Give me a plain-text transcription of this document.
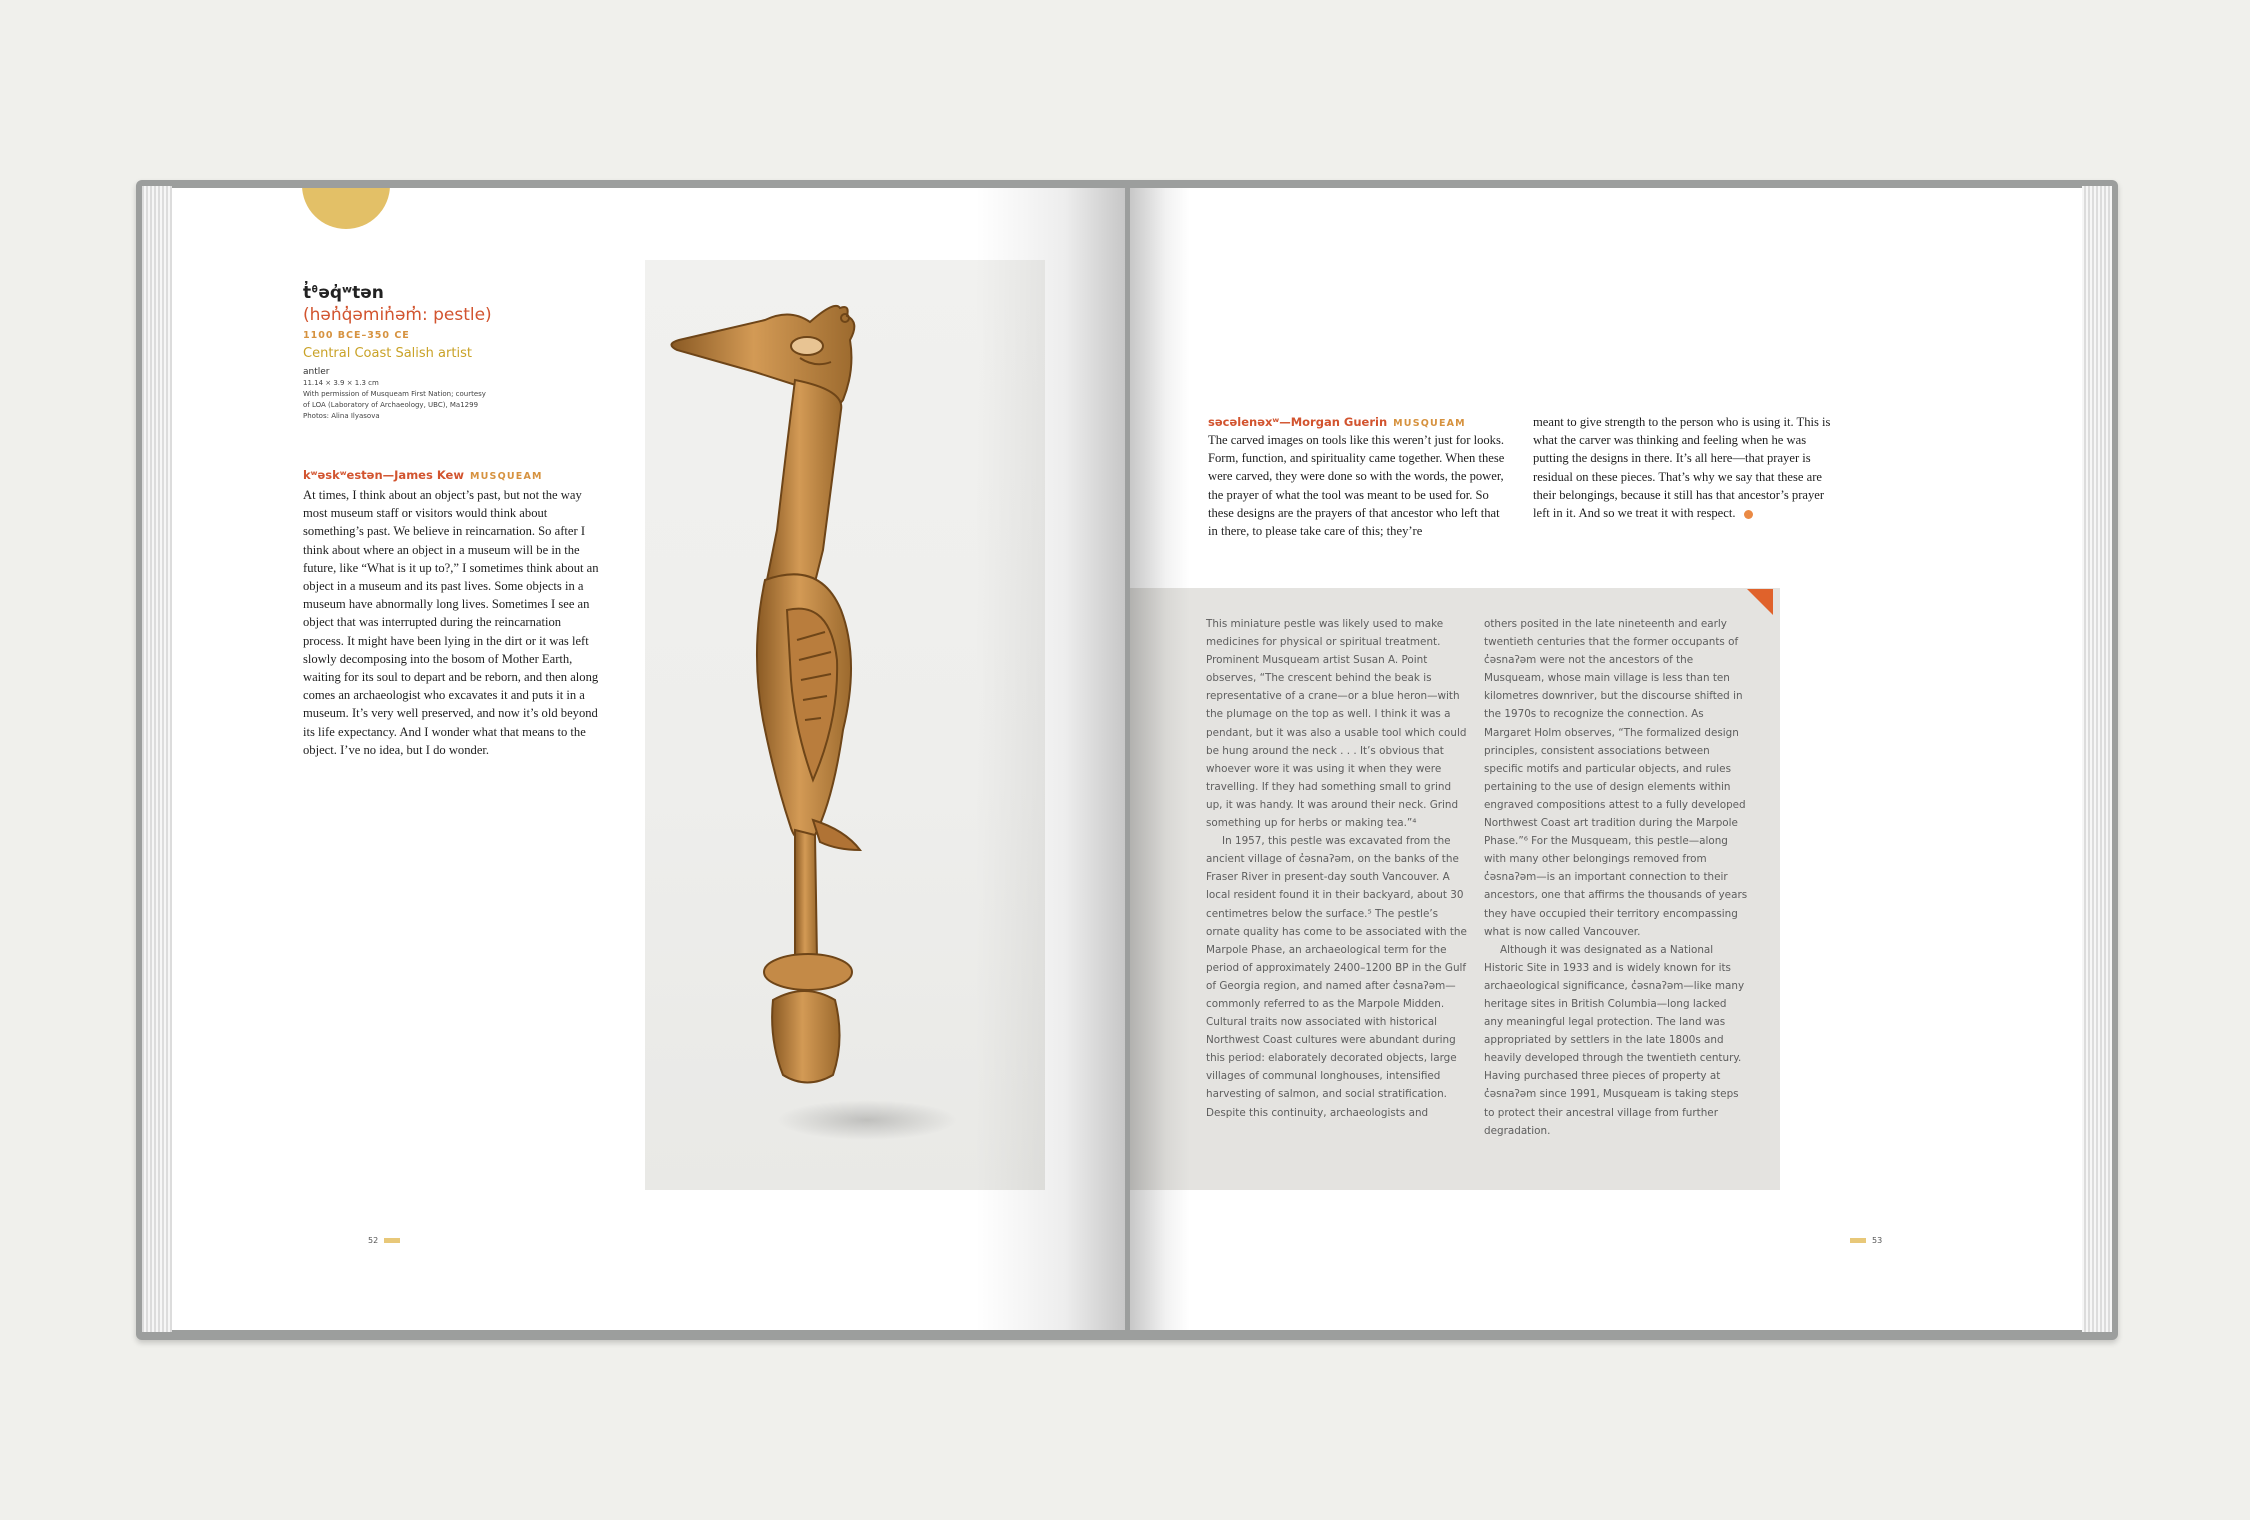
t̓ᶿəq̓ʷtən
(hən̓q̓əmin̓əm̓: pestle)
1100 BCE–350 CE
Central Coast Salish artist
antler
11.14 × 3.9 × 1.3 cm
With permission of Musqueam First Nation; courtesy
of LOA (Laboratory of Archaeology, UBC), Ma1299
Photos: Alina Ilyasova
kʷəskʷestən—James Kew MUSQUEAM

At times, I think about an object’s past, but not the way most museum staff or visitors would think about something’s past. We believe in reincarnation. So after I think about where an object in a museum will be in the future, like “What is it up to?,” I sometimes think about an object in a museum and its past lives. Some objects in a museum have abnormally long lives. Sometimes I see an object that was interrupted during the reincarnation process. It might have been lying in the dirt or it was left slowly decomposing into the bosom of Mother Earth, waiting for its soul to depart and be reborn, and then along comes an archaeologist who excavates it and puts it in a museum. It’s very well preserved, and now it’s old beyond its life expectancy. And I wonder what that means to the object. I’ve no idea, but I do wonder.

52
səcəlenəxʷ—Morgan Guerin MUSQUEAM

The carved images on tools like this weren’t just for looks. Form, function, and spirituality came together. When these were carved, they were done so with the words, the power, the prayer of what the tool was meant to be used for. So these designs are the prayers of that ancestor who left that in there, to please take care of this; they’re

meant to give strength to the person who is using it. This is what the carver was thinking and feeling when he was putting the designs in there. It’s all here—that prayer is residual on these pieces. That’s why we say that these are their belongings, because it still has that ancestor’s prayer left in it. And so we treat it with respect.

This miniature pestle was likely used to make medicines for physical or spiritual treatment. Prominent Musqueam artist Susan A. Point observes, “The crescent behind the beak is representative of a crane—or a blue heron—with the plumage on the top as well. I think it was a pendant, but it was also a usable tool which could be hung around the neck . . . It’s obvious that whoever wore it was using it when they were travelling. If they had something small to grind up, it was handy. It was around their neck. Grind something up for herbs or making tea.”⁴

In 1957, this pestle was excavated from the ancient village of c̓əsnaʔəm, on the banks of the Fraser River in present-day south Vancouver. A local resident found it in their backyard, about 30 centimetres below the surface.⁵ The pestle’s ornate quality has come to be associated with the Marpole Phase, an archaeological term for the period of approximately 2400–1200 BP in the Gulf of Georgia region, and named after c̓əsnaʔəm—commonly referred to as the Marpole Midden. Cultural traits now associated with historical Northwest Coast cultures were abundant during this period: elaborately decorated objects, large villages of communal longhouses, intensified harvesting of salmon, and social stratification. Despite this continuity, archaeologists and

others posited in the late nineteenth and early twentieth centuries that the former occupants of c̓əsnaʔəm were not the ancestors of the Musqueam, whose main village is less than ten kilometres downriver, but the discourse shifted in the 1970s to recognize the connection. As Margaret Holm observes, “The formalized design principles, consistent associations between specific motifs and particular objects, and rules pertaining to the use of design elements within engraved compositions attest to a fully developed Northwest Coast art tradition during the Marpole Phase.”⁶ For the Musqueam, this pestle—along with many other belongings removed from c̓əsnaʔəm—is an important connection to their ancestors, one that affirms the thousands of years they have occupied their territory encompassing what is now called Vancouver.

Although it was designated as a National Historic Site in 1933 and is widely known for its archaeological significance, c̓əsnaʔəm—like many heritage sites in British Columbia—long lacked any meaningful legal protection. The land was appropriated by settlers in the late 1800s and heavily developed through the twentieth century. Having purchased three pieces of property at c̓əsnaʔəm since 1991, Musqueam is taking steps to protect their ancestral village from further degradation.

53
